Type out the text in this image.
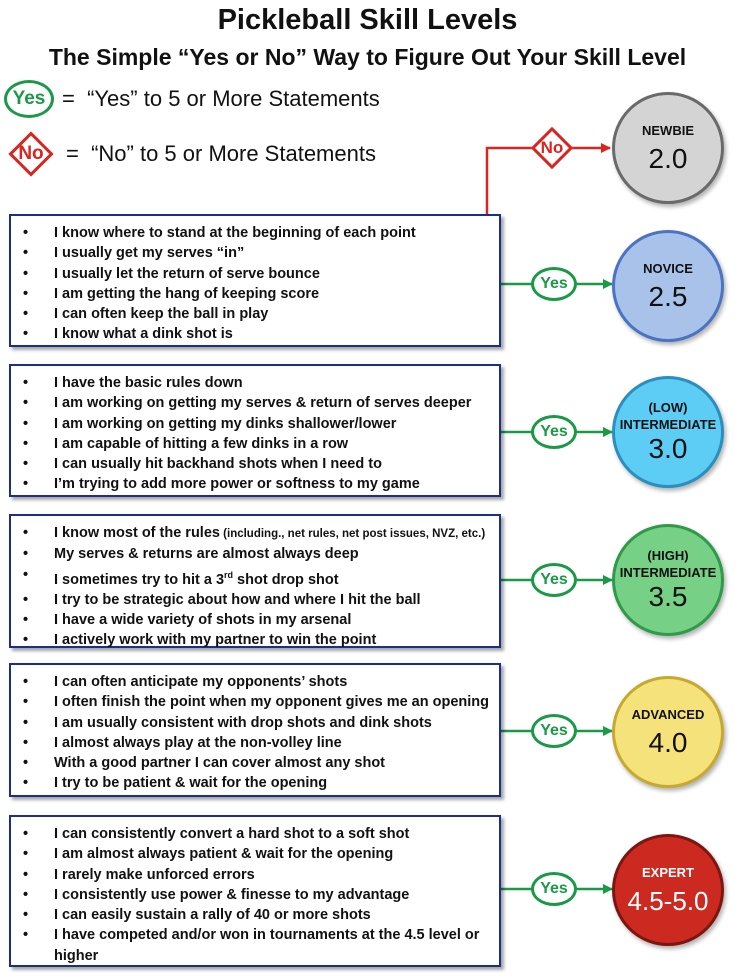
Pickleball Skill Levels
The Simple “Yes or No” Way to Figure Out Your Skill Level
Yes =  “Yes” to 5 or More Statements
No	=  “No” to 5 or More Statements	No
Yes
Yes
Yes
Yes
Yes
• I know where to stand at the beginning of each point
• I usually get my serves “in”
• I usually let the return of serve bounce
• I am getting the hang of keeping score
• I can often keep the ball in play
• I know what a dink shot is
• I have the basic rules down
• I am working on getting my serves & return of serves deeper
• I am working on getting my dinks shallower/lower
• I am capable of hitting a few dinks in a row
• I can usually hit backhand shots when I need to
• I’m trying to add more power or softness to my game
• I know most of the rules (including., net rules, net post issues, NVZ, etc.)
• My serves & returns are almost always deep
• I sometimes try to hit a 3rd shot drop shot
• I try to be strategic about how and where I hit the ball
• I have a wide variety of shots in my arsenal
• I actively work with my partner to win the point
• I can often anticipate my opponents’ shots
• I often finish the point when my opponent gives me an opening
• I am usually consistent with drop shots and dink shots
• I almost always play at the non-volley line
• With a good partner I can cover almost any shot
• I try to be patient & wait for the opening
• I can consistently convert a hard shot to a soft shot
• I am almost always patient & wait for the opening
• I rarely make unforced errors
• I consistently use power & finesse to my advantage
• I can easily sustain a rally of 40 or more shots
• I have competed and/or won in tournaments at the 4.5 level or higher
NEWBIE
2.0
NOVICE
2.5
(LOW)
INTERMEDIATE
3.0
(HIGH)
INTERMEDIATE
3.5
ADVANCED
4.0
EXPERT
4.5-5.0
